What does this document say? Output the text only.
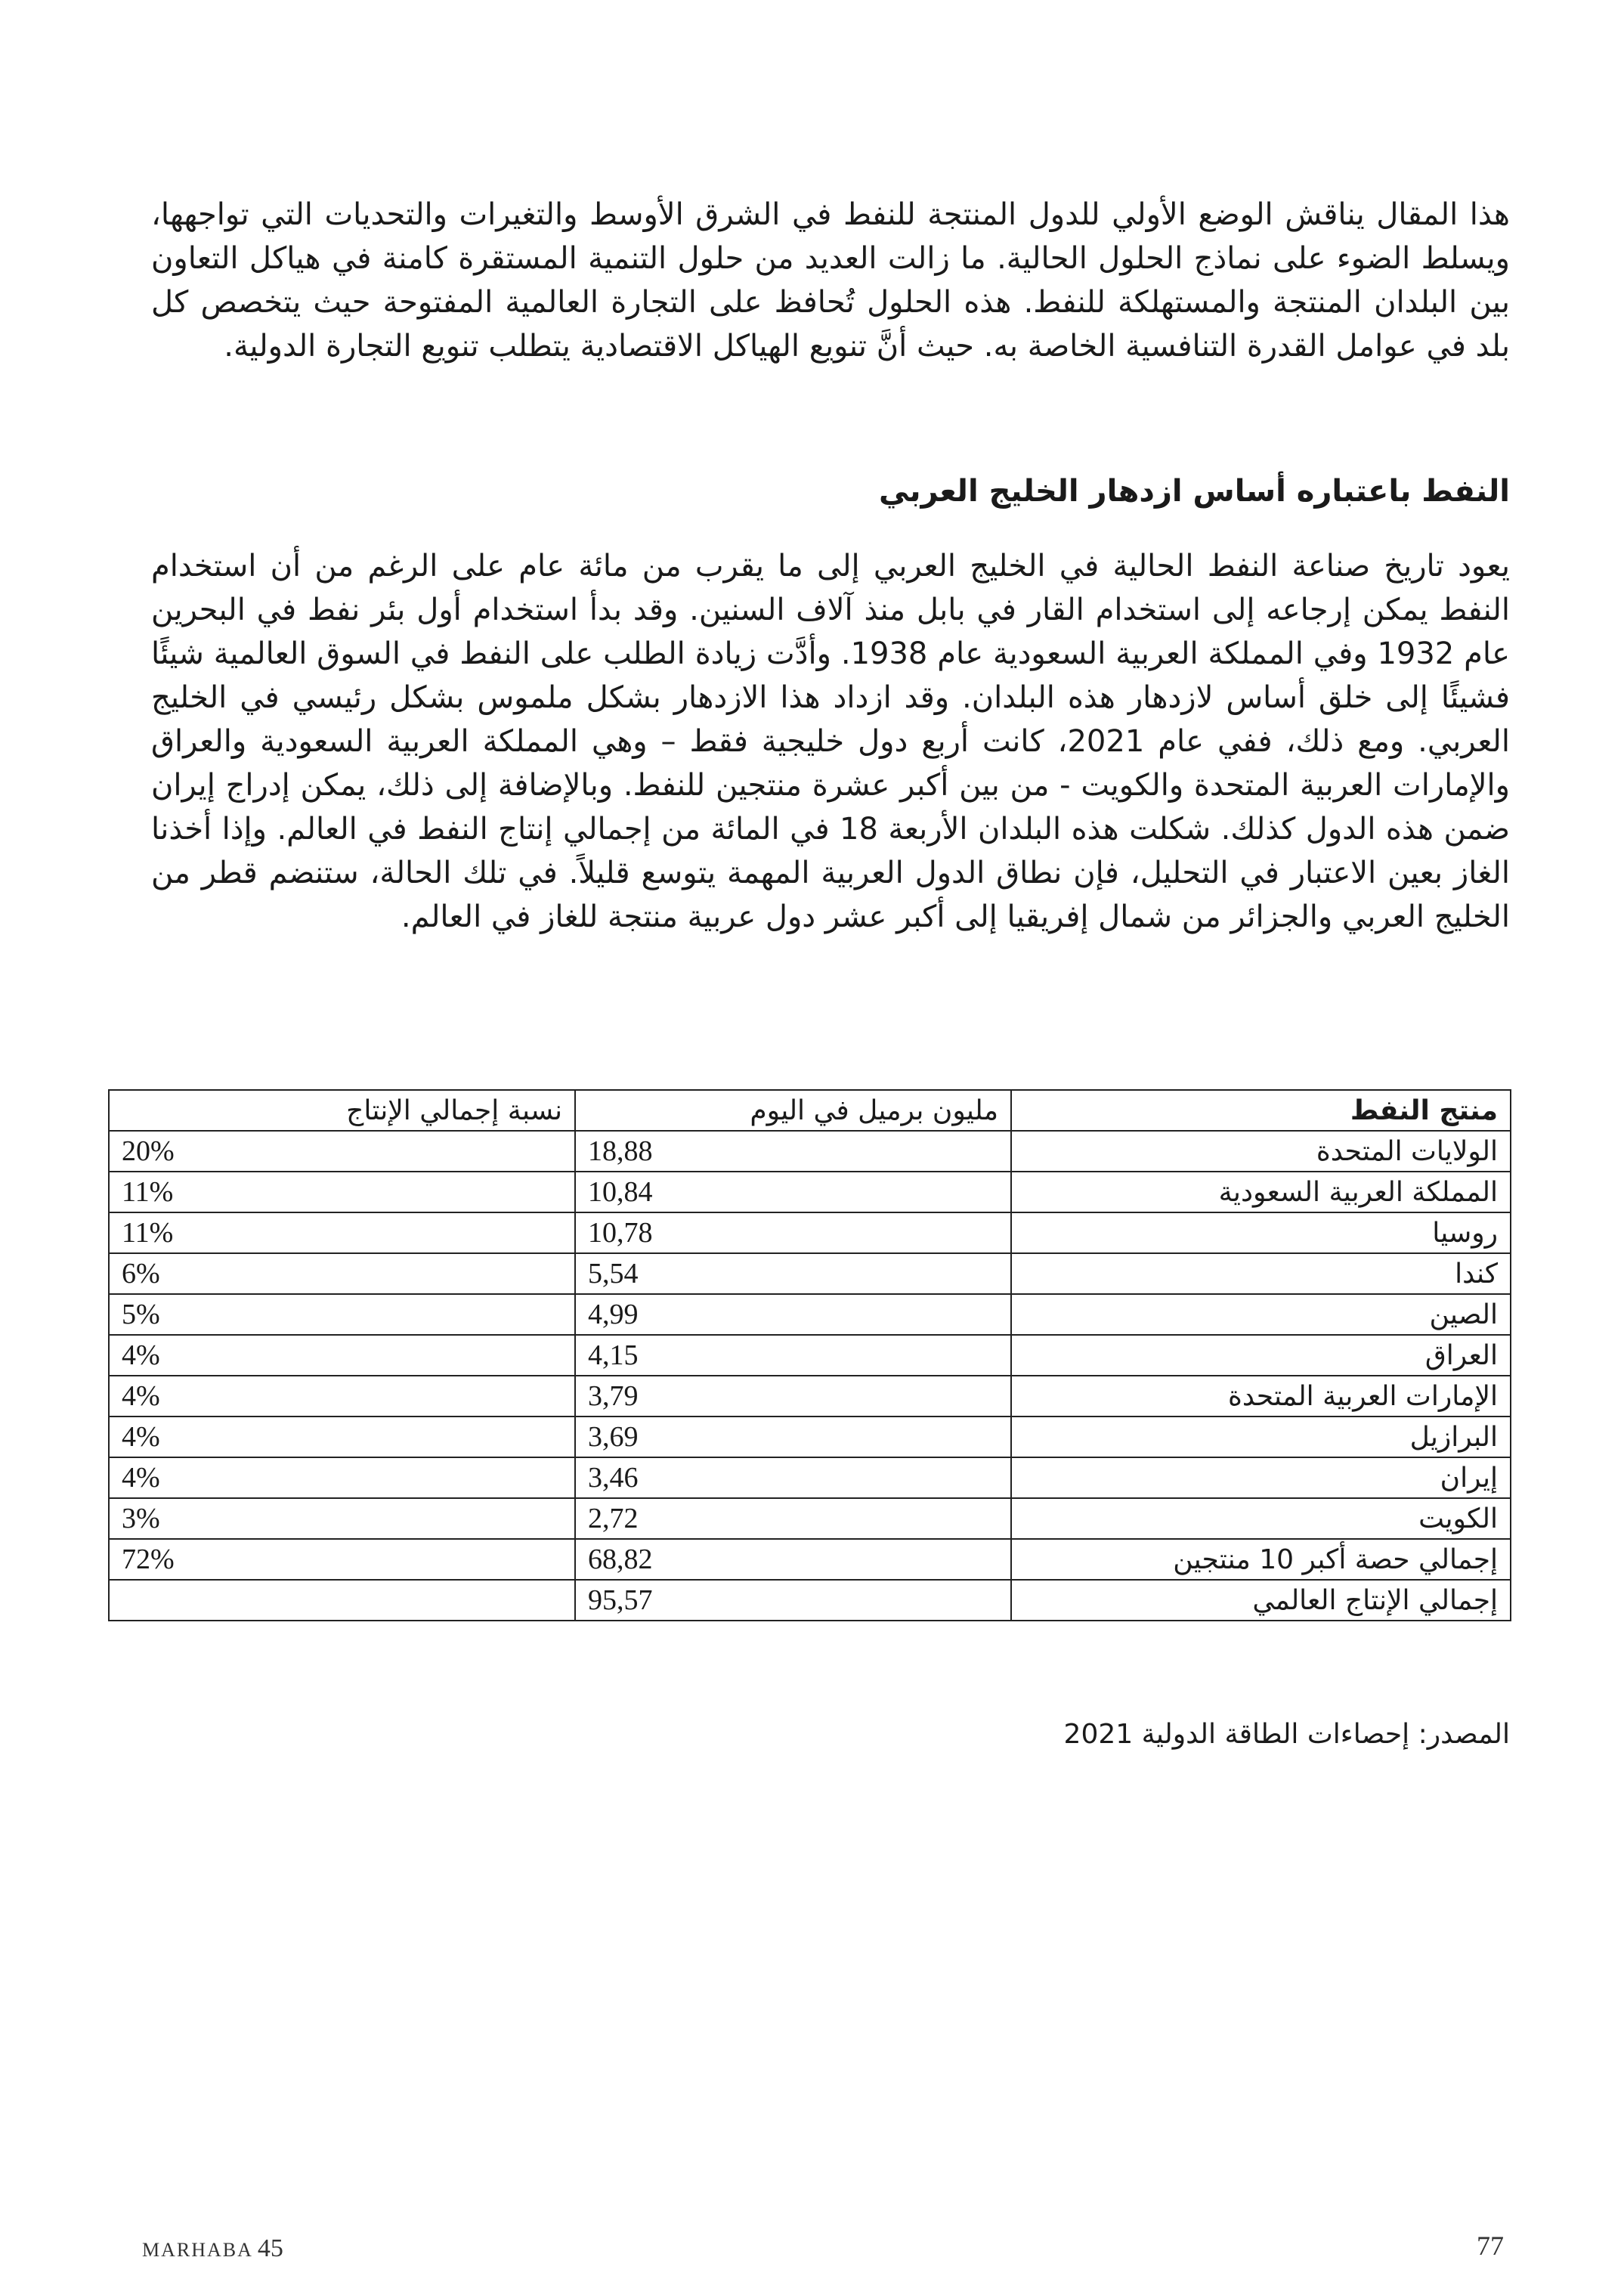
هذا المقال يناقش الوضع الأولي للدول المنتجة للنفط في الشرق الأوسط والتغيرات والتحديات التي تواجهها، ويسلط الضوء على نماذج الحلول الحالية. ما زالت العديد من حلول التنمية المستقرة كامنة في هياكل التعاون بين البلدان المنتجة والمستهلكة للنفط. هذه الحلول تُحافظ على التجارة العالمية المفتوحة حيث يتخصص كل بلد في عوامل القدرة التنافسية الخاصة به. حيث أنَّ تنويع الهياكل الاقتصادية يتطلب تنويع التجارة الدولية.

النفط باعتباره أساس ازدهار الخليج العربي

يعود تاريخ صناعة النفط الحالية في الخليج العربي إلى ما يقرب من مائة عام على الرغم من أن استخدام النفط يمكن إرجاعه إلى استخدام القار في بابل منذ آلاف السنين. وقد بدأ استخدام أول بئر نفط في البحرين عام 1932 وفي المملكة العربية السعودية عام 1938. وأدَّت زيادة الطلب على النفط في السوق العالمية شيئًا فشيئًا إلى خلق أساس لازدهار هذه البلدان. وقد ازداد هذا الازدهار بشكل ملموس بشكل رئيسي في الخليج العربي. ومع ذلك، ففي عام 2021، كانت أربع دول خليجية فقط – وهي المملكة العربية السعودية والعراق والإمارات العربية المتحدة والكويت - من بين أكبر عشرة منتجين للنفط. وبالإضافة إلى ذلك، يمكن إدراج إيران ضمن هذه الدول كذلك. شكلت هذه البلدان الأربعة 18 في المائة من إجمالي إنتاج النفط في العالم. وإذا أخذنا الغاز بعين الاعتبار في التحليل، فإن نطاق الدول العربية المهمة يتوسع قليلاً. في تلك الحالة، ستنضم قطر من الخليج العربي والجزائر من شمال إفريقيا إلى أكبر عشر دول عربية منتجة للغاز في العالم.

منتج النفط	مليون برميل في اليوم	نسبة إجمالي الإنتاج
الولايات المتحدة	18,88	20%
المملكة العربية السعودية	10,84	11%
روسيا	10,78	11%
كندا	5,54	6%
الصين	4,99	5%
العراق	4,15	4%
الإمارات العربية المتحدة	3,79	4%
البرازيل	3,69	4%
إيران	3,46	4%
الكويت	2,72	3%
إجمالي حصة أكبر 10 منتجين	68,82	72%
إجمالي الإنتاج العالمي	95,57	
المصدر: إحصاءات الطاقة الدولية 2021
MARHABA 45	77
